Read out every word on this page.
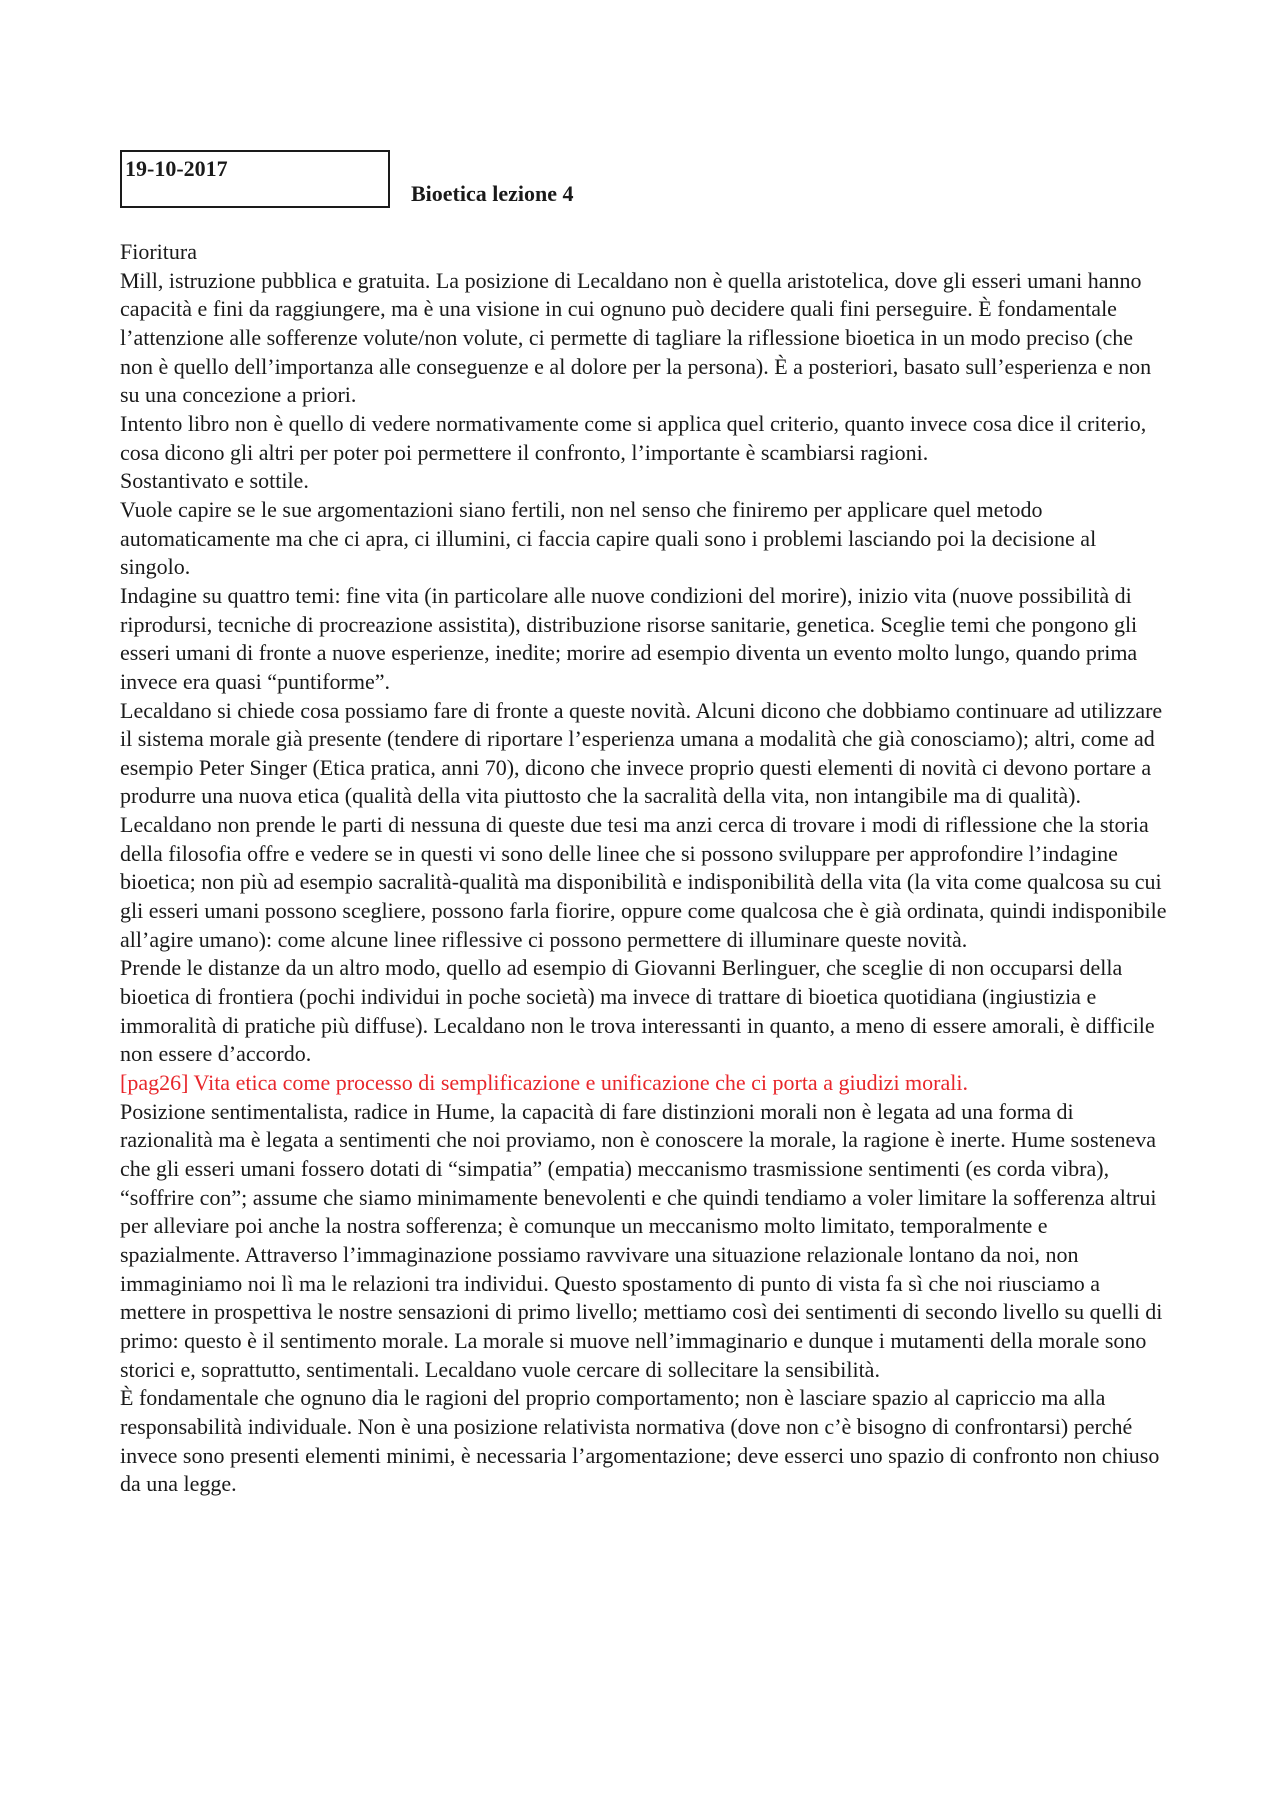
19-10-2017
Bioetica lezione 4

Fioritura

Mill, istruzione pubblica e gratuita. La posizione di Lecaldano non è quella aristotelica, dove gli esseri umani hanno capacità e fini da raggiungere, ma è una visione in cui ognuno può decidere quali fini perseguire. È fondamentale l’attenzione alle sofferenze volute/non volute, ci permette di tagliare la riflessione bioetica in un modo preciso (che non è quello dell’importanza alle conseguenze e al dolore per la persona). È a posteriori, basato sull’esperienza e non su una concezione a priori.

Intento libro non è quello di vedere normativamente come si applica quel criterio, quanto invece cosa dice il criterio, cosa dicono gli altri per poter poi permettere il confronto, l’importante è scambiarsi ragioni.

Sostantivato e sottile.

Vuole capire se le sue argomentazioni siano fertili, non nel senso che finiremo per applicare quel metodo automaticamente ma che ci apra, ci illumini, ci faccia capire quali sono i problemi lasciando poi la decisione al singolo.

Indagine su quattro temi: fine vita (in particolare alle nuove condizioni del morire), inizio vita (nuove possibilità di riprodursi, tecniche di procreazione assistita), distribuzione risorse sanitarie, genetica. Sceglie temi che pongono gli esseri umani di fronte a nuove esperienze, inedite; morire ad esempio diventa un evento molto lungo, quando prima invece era quasi “puntiforme”.

Lecaldano si chiede cosa possiamo fare di fronte a queste novità. Alcuni dicono che dobbiamo continuare ad utilizzare il sistema morale già presente (tendere di riportare l’esperienza umana a modalità che già conosciamo); altri, come ad esempio Peter Singer (Etica pratica, anni 70), dicono che invece proprio questi elementi di novità ci devono portare a produrre una nuova etica (qualità della vita piuttosto che la sacralità della vita, non intangibile ma di qualità). Lecaldano non prende le parti di nessuna di queste due tesi ma anzi cerca di trovare i modi di riflessione che la storia della filosofia offre e vedere se in questi vi sono delle linee che si possono sviluppare per approfondire l’indagine bioetica; non più ad esempio sacralità-qualità ma disponibilità e indisponibilità della vita (la vita come qualcosa su cui gli esseri umani possono scegliere, possono farla fiorire, oppure come qualcosa che è già ordinata, quindi indisponibile all’agire umano): come alcune linee riflessive ci possono permettere di illuminare queste novità.

Prende le distanze da un altro modo, quello ad esempio di Giovanni Berlinguer, che sceglie di non occuparsi della bioetica di frontiera (pochi individui in poche società) ma invece di trattare di bioetica quotidiana (ingiustizia e immoralità di pratiche più diffuse). Lecaldano non le trova interessanti in quanto, a meno di essere amorali, è difficile non essere d’accordo.

[pag26] Vita etica come processo di semplificazione e unificazione che ci porta a giudizi morali.

Posizione sentimentalista, radice in Hume, la capacità di fare distinzioni morali non è legata ad una forma di razionalità ma è legata a sentimenti che noi proviamo, non è conoscere la morale, la ragione è inerte. Hume sosteneva che gli esseri umani fossero dotati di “simpatia” (empatia) meccanismo trasmissione sentimenti (es corda vibra), “soffrire con”; assume che siamo minimamente benevolenti e che quindi tendiamo a voler limitare la sofferenza altrui per alleviare poi anche la nostra sofferenza; è comunque un meccanismo molto limitato, temporalmente e spazialmente. Attraverso l’immaginazione possiamo ravvivare una situazione relazionale lontano da noi, non immaginiamo noi lì ma le relazioni tra individui. Questo spostamento di punto di vista fa sì che noi riusciamo a mettere in prospettiva le nostre sensazioni di primo livello; mettiamo così dei sentimenti di secondo livello su quelli di primo: questo è il sentimento morale. La morale si muove nell’immaginario e dunque i mutamenti della morale sono storici e, soprattutto, sentimentali. Lecaldano vuole cercare di sollecitare la sensibilità.

È fondamentale che ognuno dia le ragioni del proprio comportamento; non è lasciare spazio al capriccio ma alla responsabilità individuale. Non è una posizione relativista normativa (dove non c’è bisogno di confrontarsi) perché invece sono presenti elementi minimi, è necessaria l’argomentazione; deve esserci uno spazio di confronto non chiuso da una legge.
